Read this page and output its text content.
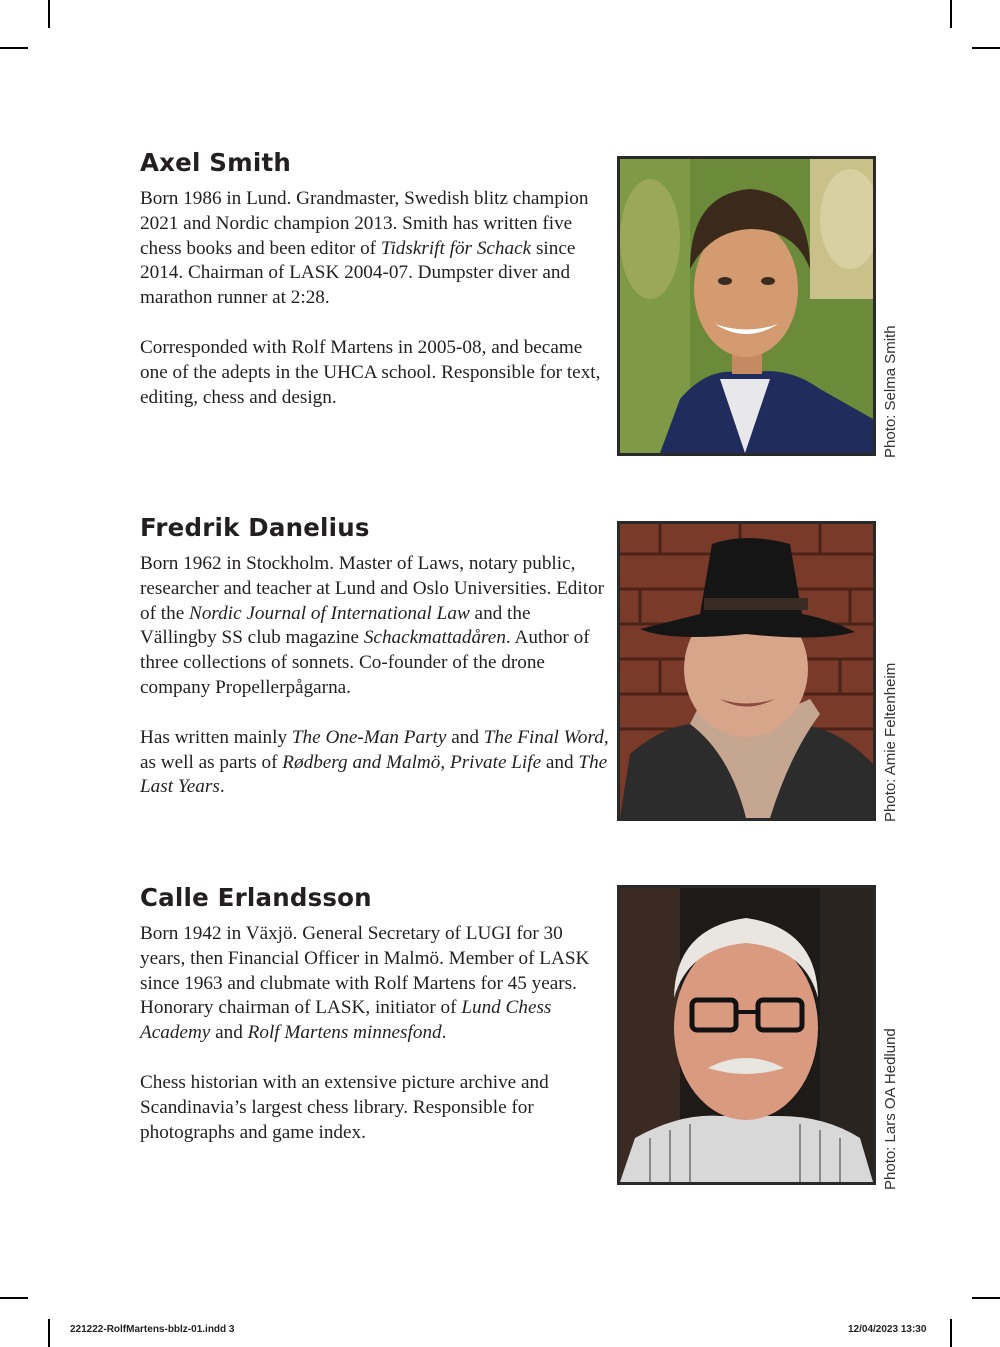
Axel Smith

Born 1986 in Lund. Grandmaster, Swedish blitz champion 2021 and Nordic champion 2013. Smith has written five chess books and been editor of Tidskrift för Schack since 2014. Chairman of LASK 2004-07. Dumpster diver and marathon runner at 2:28.

Corresponded with Rolf Martens in 2005-08, and became one of the adepts in the UHCA school. Responsible for text, editing, chess and design.	Photo: Selma Smith
Fredrik Danelius

Born 1962 in Stockholm. Master of Laws, notary public, researcher and teacher at Lund and Oslo Universities. Editor of the Nordic Journal of International Law and the Vällingby SS club magazine Schackmattadåren. Author of three collections of sonnets. Co-founder of the drone company Propellerpågarna.

Has written mainly The One-Man Party and The Final Word, as well as parts of Rødberg and Malmö, Private Life and The Last Years.	Photo: Amie Feltenheim
Calle Erlandsson

Born 1942 in Växjö. General Secretary of LUGI for 30 years, then Financial Officer in Malmö. Member of LASK since 1963 and clubmate with Rolf Martens for 45 years. Honorary chairman of LASK, initiator of Lund Chess Academy and Rolf Martens minnesfond.

Chess historian with an extensive picture archive and Scandinavia’s largest chess library. Responsible for photographs and game index.	Photo: Lars OA Hedlund
221222-RolfMartens-bblz-01.indd 3	12/04/2023 13:30
